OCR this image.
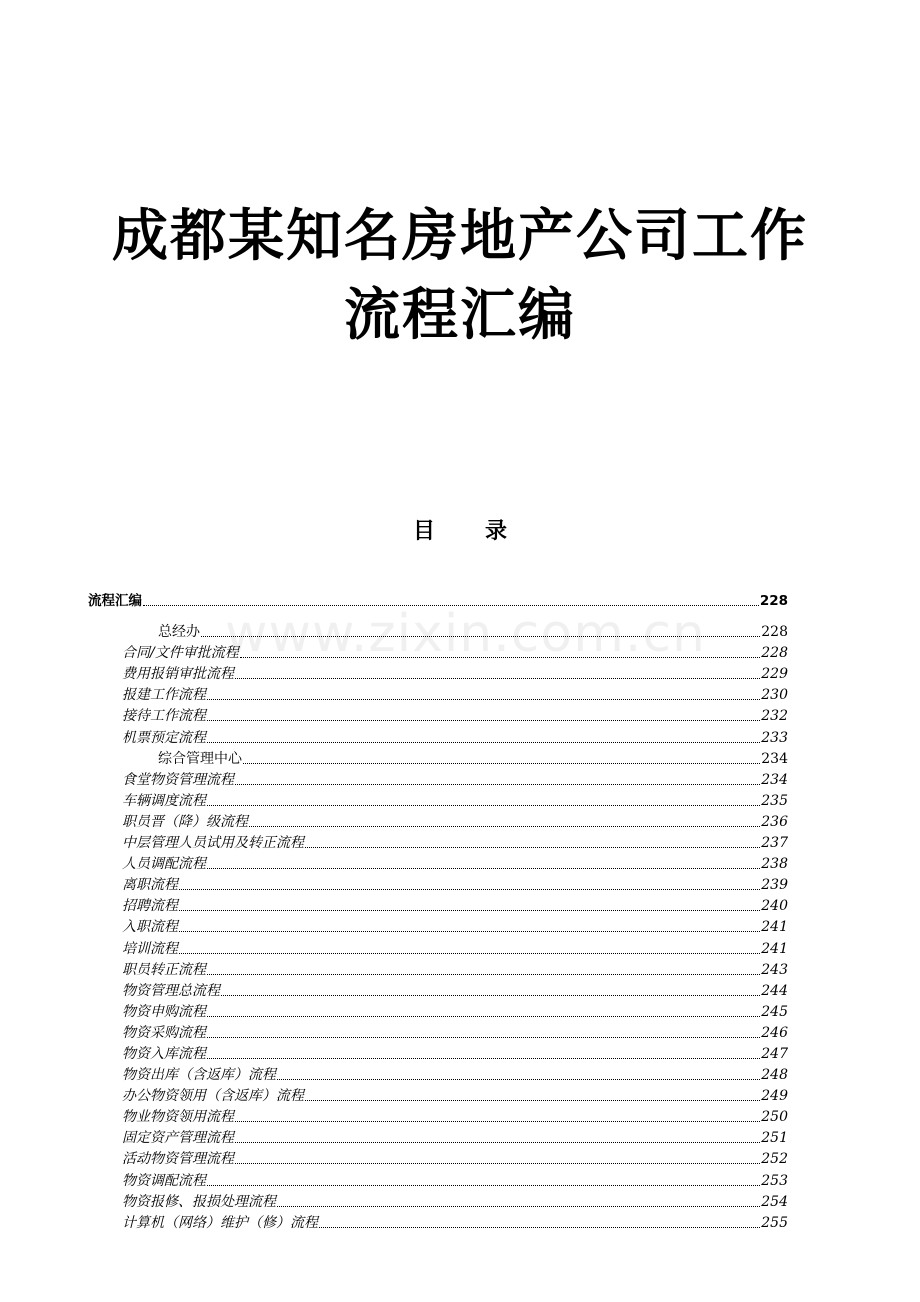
成都某知名房地产公司工作
流程汇编
目 录
www.zixin.com.cn
流程汇编	228
总经办	228
合同/文件审批流程	228
费用报销审批流程	229
报建工作流程	230
接待工作流程	232
机票预定流程	233
综合管理中心	234
食堂物资管理流程	234
车辆调度流程	235
职员晋（降）级流程	236
中层管理人员试用及转正流程	237
人员调配流程	238
离职流程	239
招聘流程	240
入职流程	241
培训流程	241
职员转正流程	243
物资管理总流程	244
物资申购流程	245
物资采购流程	246
物资入库流程	247
物资出库（含返库）流程	248
办公物资领用（含返库）流程	249
物业物资领用流程	250
固定资产管理流程	251
活动物资管理流程	252
物资调配流程	253
物资报修、报损处理流程	254
计算机（网络）维护（修）流程	255
